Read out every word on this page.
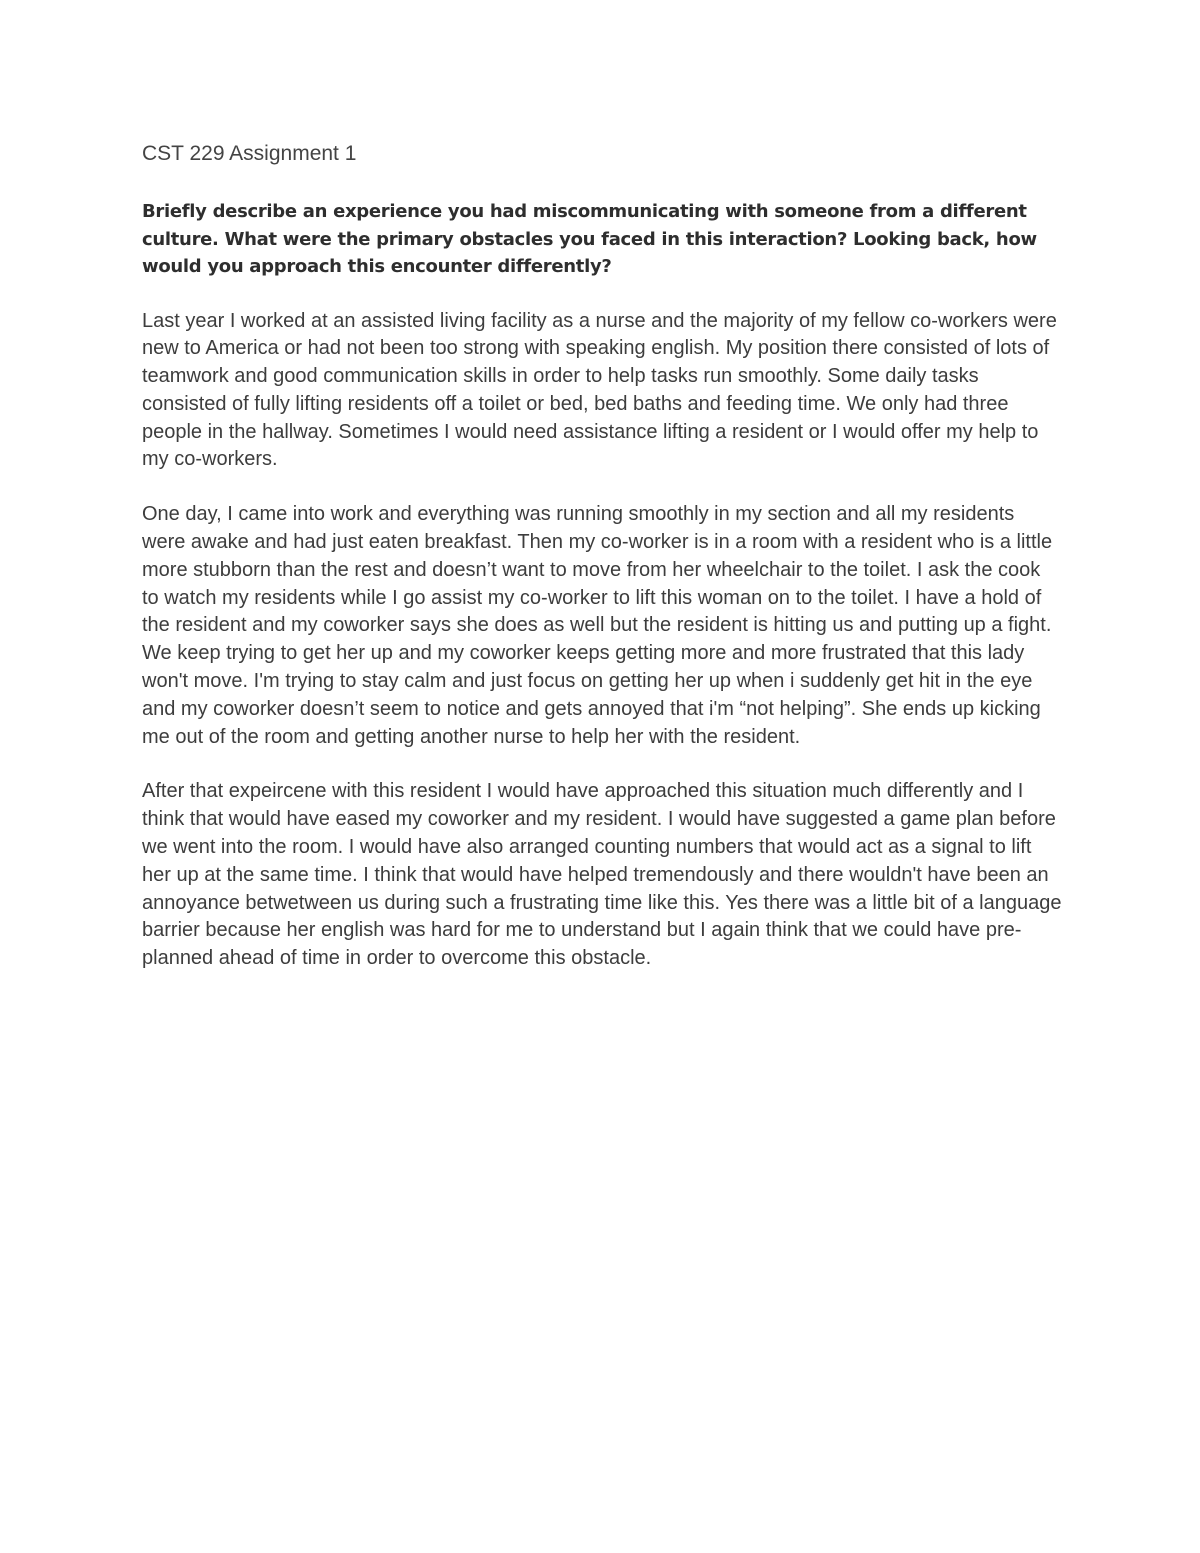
CST 229 Assignment 1
Briefly describe an experience you had miscommunicating with someone from a different culture. What were the primary obstacles you faced in this interaction? Looking back, how would you approach this encounter differently?

Last year I worked at an assisted living facility as a nurse and the majority of my fellow co-workers were new to America or had not been too strong with speaking english. My position there consisted of lots of teamwork and good communication skills in order to help tasks run smoothly. Some daily tasks consisted of fully lifting residents off a toilet or bed, bed baths and feeding time. We only had three people in the hallway. Sometimes I would need assistance lifting a resident or I would offer my help to my co-workers.

One day, I came into work and everything was running smoothly in my section and all my residents were awake and had just eaten breakfast. Then my co-worker is in a room with a resident who is a little more stubborn than the rest and doesn’t want to move from her wheelchair to the toilet. I ask the cook to watch my residents while I go assist my co-worker to lift this woman on to the toilet. I have a hold of the resident and my coworker says she does as well but the resident is hitting us and putting up a fight. We keep trying to get her up and my coworker keeps getting more and more frustrated that this lady won't move. I'm trying to stay calm and just focus on getting her up when i suddenly get hit in the eye and my coworker doesn’t seem to notice and gets annoyed that i'm “not helping”. She ends up kicking me out of the room and getting another nurse to help her with the resident.

After that expeircene with this resident I would have approached this situation much differently and I think that would have eased my coworker and my resident. I would have suggested a game plan before we went into the room. I would have also arranged counting numbers that would act as a signal to lift her up at the same time. I think that would have helped tremendously and there wouldn't have been an annoyance betwetween us during such a frustrating time like this. Yes there was a little bit of a language barrier because her english was hard for me to understand but I again think that we could have pre-planned ahead of time in order to overcome this obstacle.
